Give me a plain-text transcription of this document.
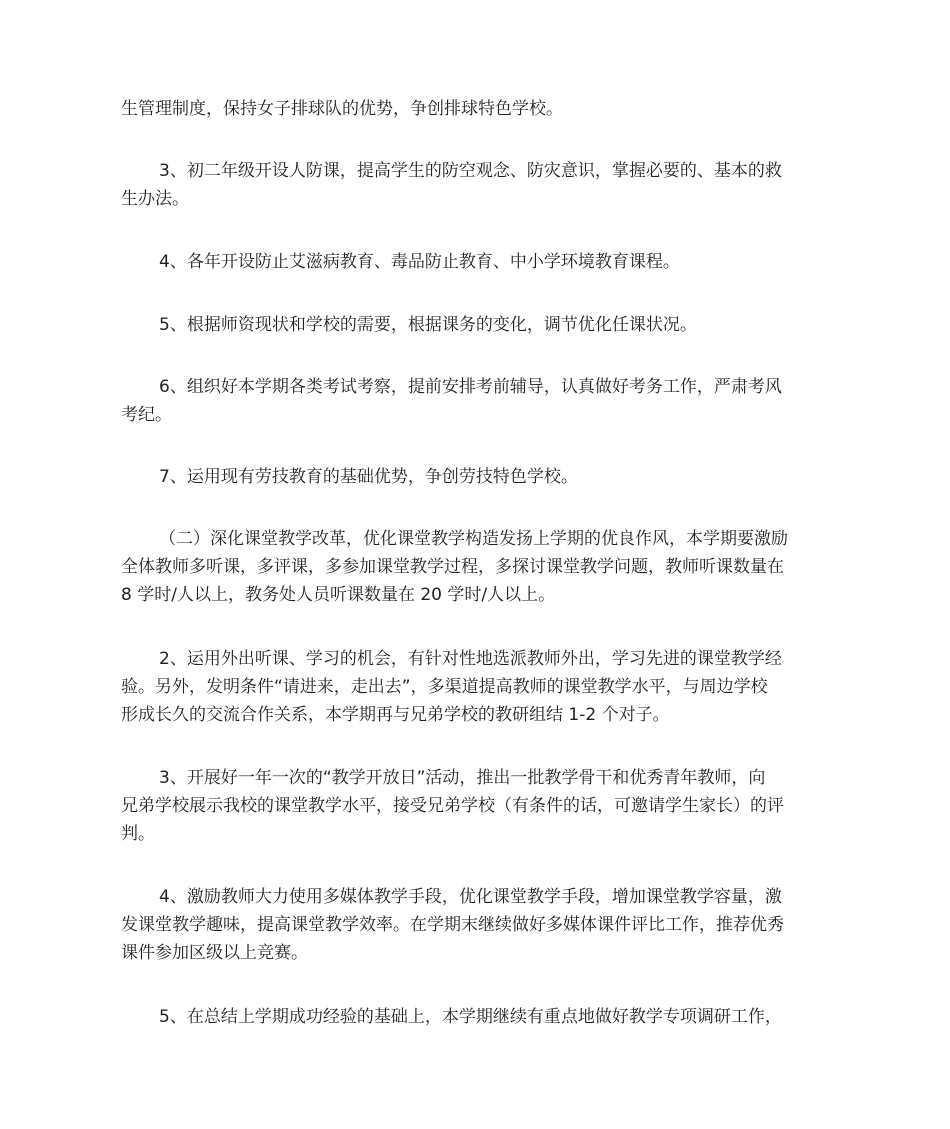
生管理制度，保持女子排球队的优势，争创排球特色学校。

3、初二年级开设人防课，提高学生的防空观念、防灾意识，掌握必要的、基本的救
生办法。

4、各年开设防止艾滋病教育、毒品防止教育、中小学环境教育课程。

5、根据师资现状和学校的需要，根据课务的变化，调节优化任课状况。

6、组织好本学期各类考试考察，提前安排考前辅导，认真做好考务工作，严肃考风
考纪。

7、运用现有劳技教育的基础优势，争创劳技特色学校。

（二）深化课堂教学改革，优化课堂教学构造发扬上学期的优良作风，本学期要激励
全体教师多听课，多评课，多参加课堂教学过程，多探讨课堂教学问题，教师听课数量在
8 学时/人以上，教务处人员听课数量在 20 学时/人以上。

2、运用外出听课、学习的机会，有针对性地选派教师外出，学习先进的课堂教学经
验。另外，发明条件“请进来，走出去”，多渠道提高教师的课堂教学水平，与周边学校
形成长久的交流合作关系，本学期再与兄弟学校的教研组结 1-2 个对子。

3、开展好一年一次的“教学开放日”活动，推出一批教学骨干和优秀青年教师，向
兄弟学校展示我校的课堂教学水平，接受兄弟学校（有条件的话，可邀请学生家长）的评
判。

4、激励教师大力使用多媒体教学手段，优化课堂教学手段，增加课堂教学容量，激
发课堂教学趣味，提高课堂教学效率。在学期末继续做好多媒体课件评比工作，推荐优秀
课件参加区级以上竞赛。

5、在总结上学期成功经验的基础上，本学期继续有重点地做好教学专项调研工作，
